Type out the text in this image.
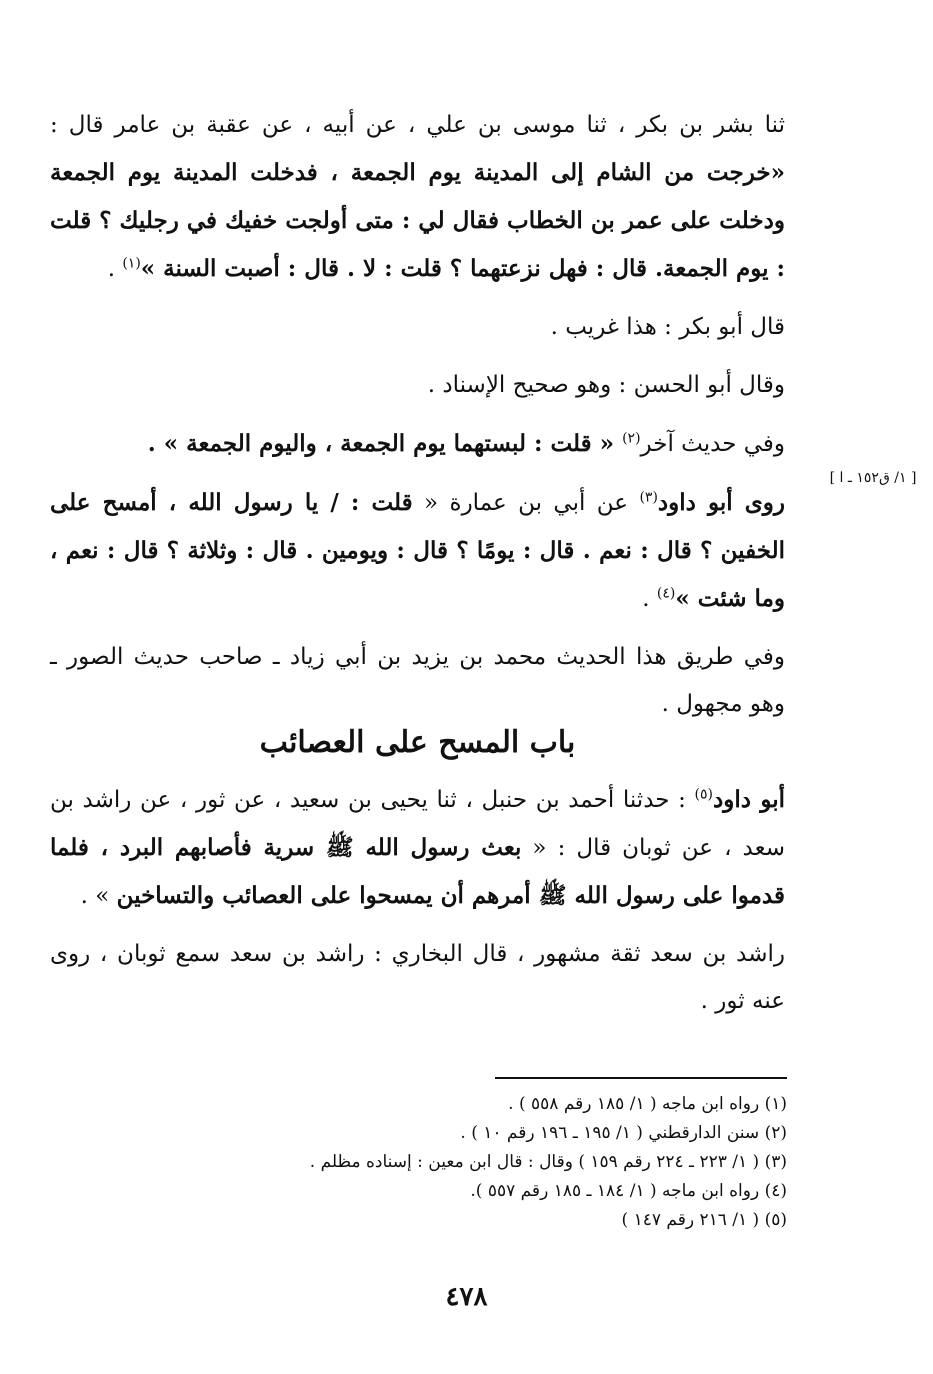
ثنا بشر بن بكر ، ثنا موسى بن علي ، عن أبيه ، عن عقبة بن عامر قال : «خرجت من الشام إلى المدينة يوم الجمعة ، فدخلت المدينة يوم الجمعة ودخلت على عمر بن الخطاب فقال لي : متى أولجت خفيك في رجليك ؟ قلت : يوم الجمعة. قال : فهل نزعتهما ؟ قلت : لا . قال : أصبت السنة »$^{(١)}$ .

قال أبو بكر : هذا غريب .

وقال أبو الحسن : وهو صحيح الإسناد .

وفي حديث آخر$^{(٢)}$ « قلت : لبستهما يوم الجمعة ، واليوم الجمعة » .

روى أبو داود$^{(٣)}$ عن أبي بن عمارة « قلت : / يا رسول الله ، أمسح على الخفين ؟ قال : نعم . قال : يومًا ؟ قال : ويومين . قال : وثلاثة ؟ قال : نعم ، وما شئت »$^{(٤)}$ .

وفي طريق هذا الحديث محمد بن يزيد بن أبي زياد ـ صاحب حديث الصور ـ وهو مجهول .

[ ١/ ق١٥٢ ـ ا ]
باب المسح على العصائب

أبو داود$^{(٥)}$ : حدثنا أحمد بن حنبل ، ثنا يحيى بن سعيد ، عن ثور ، عن راشد بن سعد ، عن ثوبان قال : « بعث رسول الله ﷺ سرية فأصابهم البرد ، فلما قدموا على رسول الله ﷺ أمرهم أن يمسحوا على العصائب والتساخين » .

راشد بن سعد ثقة مشهور ، قال البخاري : راشد بن سعد سمع ثوبان ، روى عنه ثور .

(١) رواه ابن ماجه ( ١/ ١٨٥ رقم ٥٥٨ ) .

(٢) سنن الدارقطني ( ١/ ١٩٥ ـ ١٩٦ رقم ١٠ ) .

(٣) ( ١/ ٢٢٣ ـ ٢٢٤ رقم ١٥٩ ) وقال : قال ابن معين : إسناده مظلم .

(٤) رواه ابن ماجه ( ١/ ١٨٤ ـ ١٨٥ رقم ٥٥٧ ).

(٥) ( ١/ ٢١٦ رقم ١٤٧ )

٤٧٨
